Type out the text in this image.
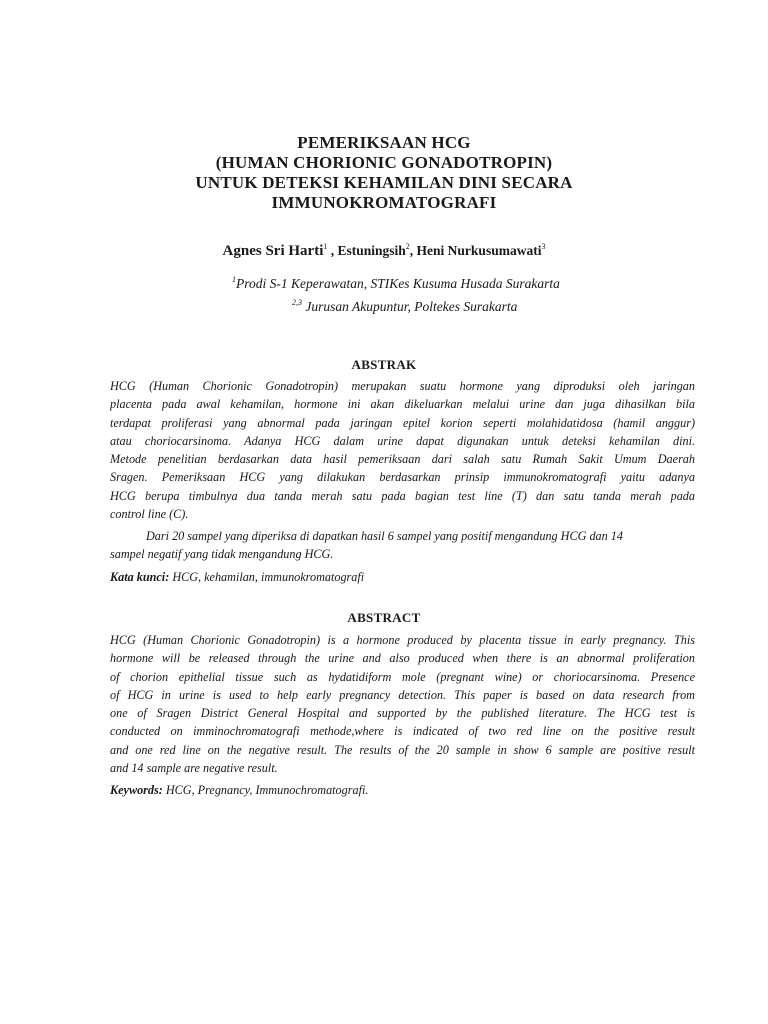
PEMERIKSAAN HCG
(HUMAN CHORIONIC GONADOTROPIN)
UNTUK DETEKSI KEHAMILAN DINI SECARA
IMMUNOKROMATOGRAFI
Agnes Sri Harti$^1$ , Estuningsih$^2$, Heni Nurkusumawati$^3$
$^1$Prodi S-1 Keperawatan, STIKes Kusuma Husada Surakarta
$^{2,3}$ Jurusan Akupuntur, Poltekes Surakarta
ABSTRAK
HCG (Human Chorionic Gonadotropin) merupakan suatu hormone yang diproduksi oleh jaringan
placenta pada awal kehamilan, hormone ini akan dikeluarkan melalui urine dan juga dihasilkan bila
terdapat proliferasi yang abnormal pada jaringan epitel korion seperti molahidatidosa (hamil anggur)
atau choriocarsinoma. Adanya HCG dalam urine dapat digunakan untuk deteksi kehamilan dini.
Metode penelitian berdasarkan data hasil pemeriksaan dari salah satu Rumah Sakit Umum Daerah
Sragen. Pemeriksaan HCG yang dilakukan berdasarkan prinsip immunokromatografi yaitu adanya
HCG berupa timbulnya dua tanda merah satu pada bagian test line (T) dan satu tanda merah pada
control line (C).
Dari 20 sampel yang diperiksa di dapatkan hasil 6 sampel yang positif mengandung HCG dan 14
sampel negatif yang tidak mengandung HCG.
Kata kunci: HCG, kehamilan, immunokromatografi
ABSTRACT
HCG (Human Chorionic Gonadotropin) is a hormone produced by placenta tissue in early pregnancy. This
hormone will be released through the urine and also produced when there is an abnormal proliferation
of chorion epithelial tissue such as hydatidiform mole (pregnant wine) or choriocarsinoma. Presence
of HCG in urine is used to help early pregnancy detection. This paper is based on data research from
one of Sragen District General Hospital and supported by the published literature. The HCG test is
conducted on imminochromatografi methode,where is indicated of two red line on the positive result
and one red line on the negative result. The results of the 20 sample in show 6 sample are positive result
and 14 sample are negative result.
Keywords: HCG, Pregnancy, Immunochromatografi.
